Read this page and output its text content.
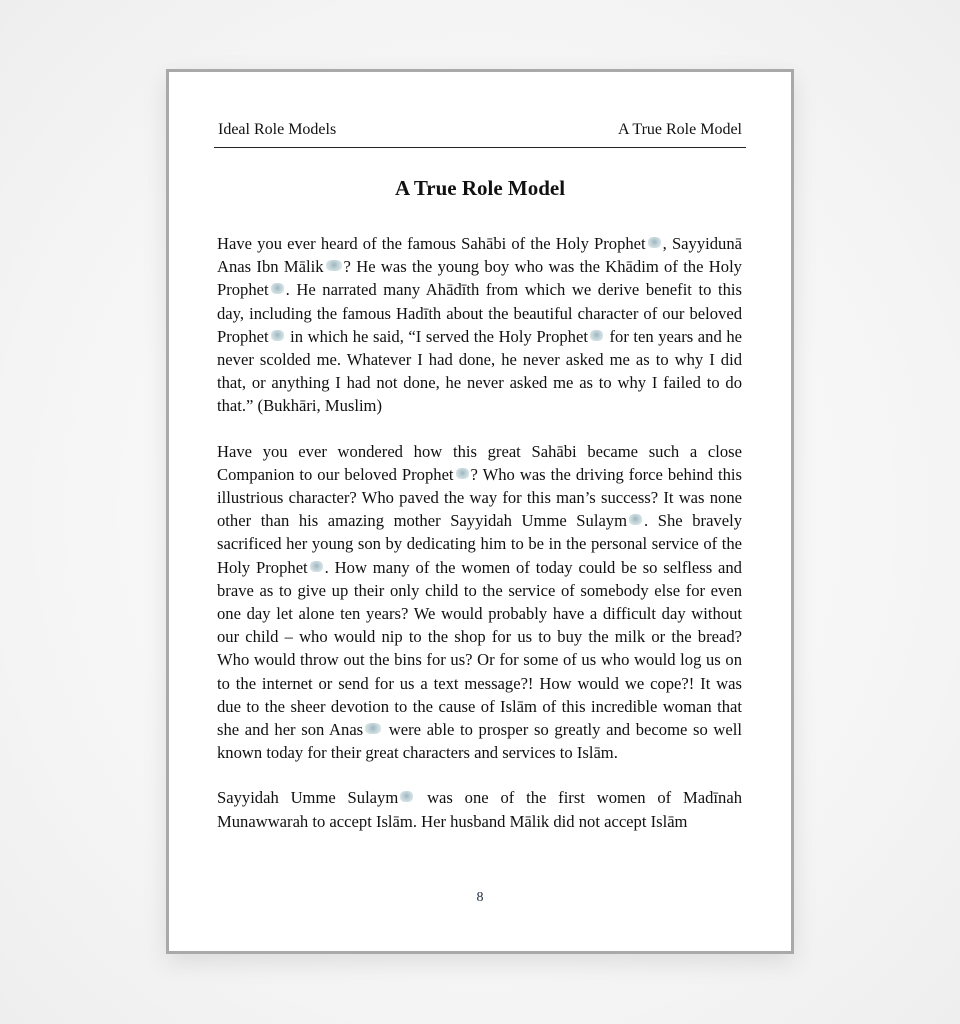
Ideal Role Models	A True Role Model
A True Role Model

Have you ever heard of the famous Sahābi of the Holy Prophet , Sayyidunā Anas Ibn Mālik ? He was the young boy who was the Khādim of the Holy Prophet . He narrated many Ahādīth from which we derive benefit to this day, including the famous Hadīth about the beautiful character of our beloved Prophet in which he said, “I served the Holy Prophet for ten years and he never scolded me. Whatever I had done, he never asked me as to why I did that, or anything I had not done, he never asked me as to why I failed to do that.” (Bukhāri, Muslim)

Have you ever wondered how this great Sahābi became such a close Companion to our beloved Prophet ? Who was the driving force behind this illustrious character? Who paved the way for this man’s success? It was none other than his amazing mother Sayyidah Umme Sulaym . She bravely sacrificed her young son by dedicating him to be in the personal service of the Holy Prophet . How many of the women of today could be so selfless and brave as to give up their only child to the service of somebody else for even one day let alone ten years? We would probably have a difficult day without our child – who would nip to the shop for us to buy the milk or the bread? Who would throw out the bins for us? Or for some of us who would log us on to the internet or send for us a text message?! How would we cope?! It was due to the sheer devotion to the cause of Islām of this incredible woman that she and her son Anas were able to prosper so greatly and become so well known today for their great characters and services to Islām.

Sayyidah Umme Sulaym was one of the first women of Madīnah Munawwarah to accept Islām. Her husband Mālik did not accept Islām

8
